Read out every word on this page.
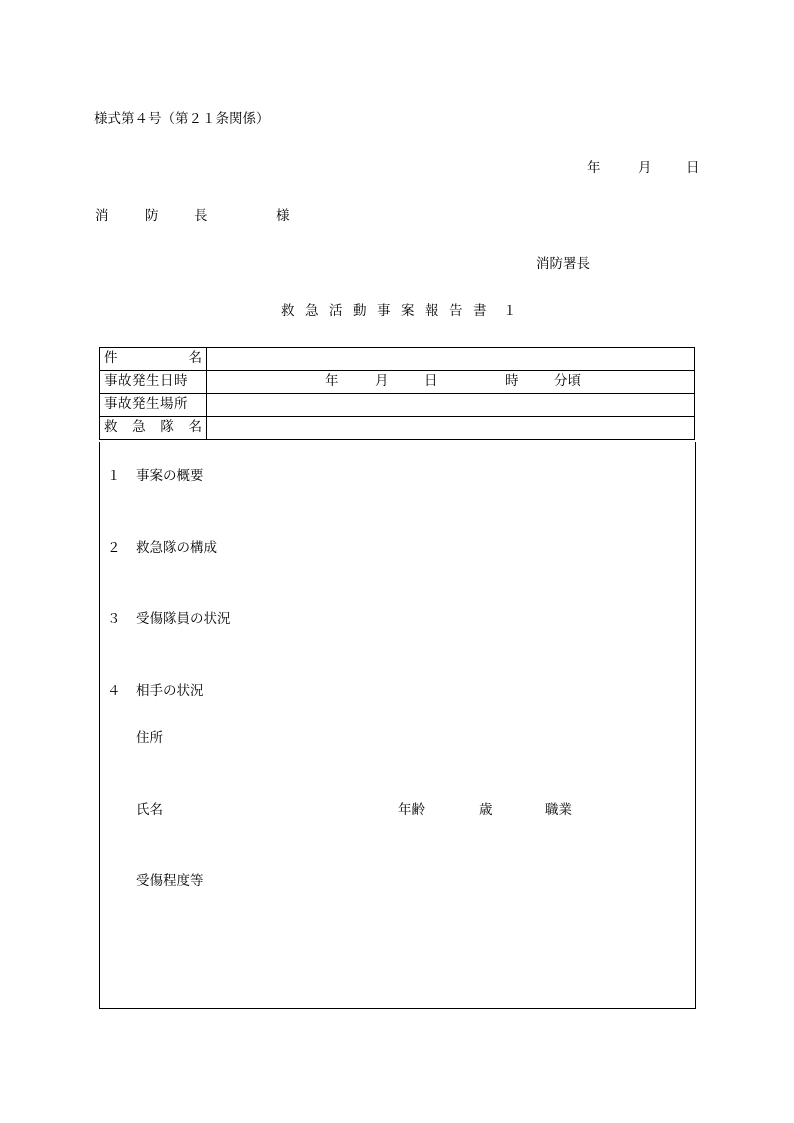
様式第４号（第２１条関係）
年	月	日
消	防	長	様
消防署長
救 急 活 動 事 案 報 告 書 １
件 名	

事故発生日時	年 月 日 時 分頃

事故発生場所	

救 急 隊 名	

１ 事案の概要
２ 救急隊の構成
３ 受傷隊員の状況
４ 相手の状況
住所
氏名	年齢	歳	職業
受傷程度等
